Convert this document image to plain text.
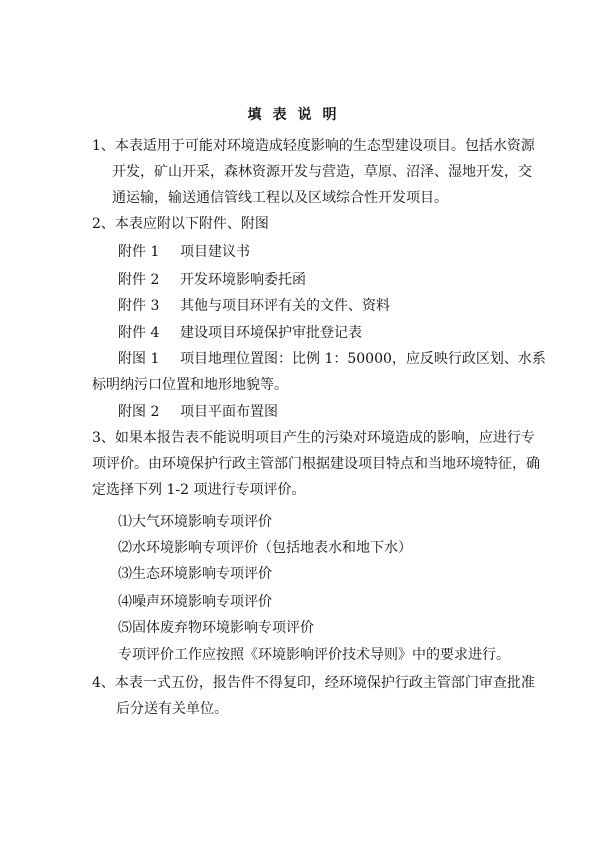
填表说明
1、本表适用于可能对环境造成轻度影响的生态型建设项目。包括水资源
开发，矿山开采，森林资源开发与营造，草原、沼泽、湿地开发，交
通运输，输送通信管线工程以及区域综合性开发项目。
2、本表应附以下附件、附图
附件 1 项目建议书
附件 2 开发环境影响委托函
附件 3 其他与项目环评有关的文件、资料
附件 4 建设项目环境保护审批登记表
附图 1 项目地理位置图：比例 1：50000，应反映行政区划、水系
标明纳污口位置和地形地貌等。
附图 2 项目平面布置图
3、如果本报告表不能说明项目产生的污染对环境造成的影响，应进行专
项评价。由环境保护行政主管部门根据建设项目特点和当地环境特征，确
定选择下列 1-2 项进行专项评价。
⑴大气环境影响专项评价
⑵水环境影响专项评价（包括地表水和地下水）
⑶生态环境影响专项评价
⑷噪声环境影响专项评价
⑸固体废弃物环境影响专项评价
专项评价工作应按照《环境影响评价技术导则》中的要求进行。
4、本表一式五份，报告件不得复印，经环境保护行政主管部门审查批准
后分送有关单位。
